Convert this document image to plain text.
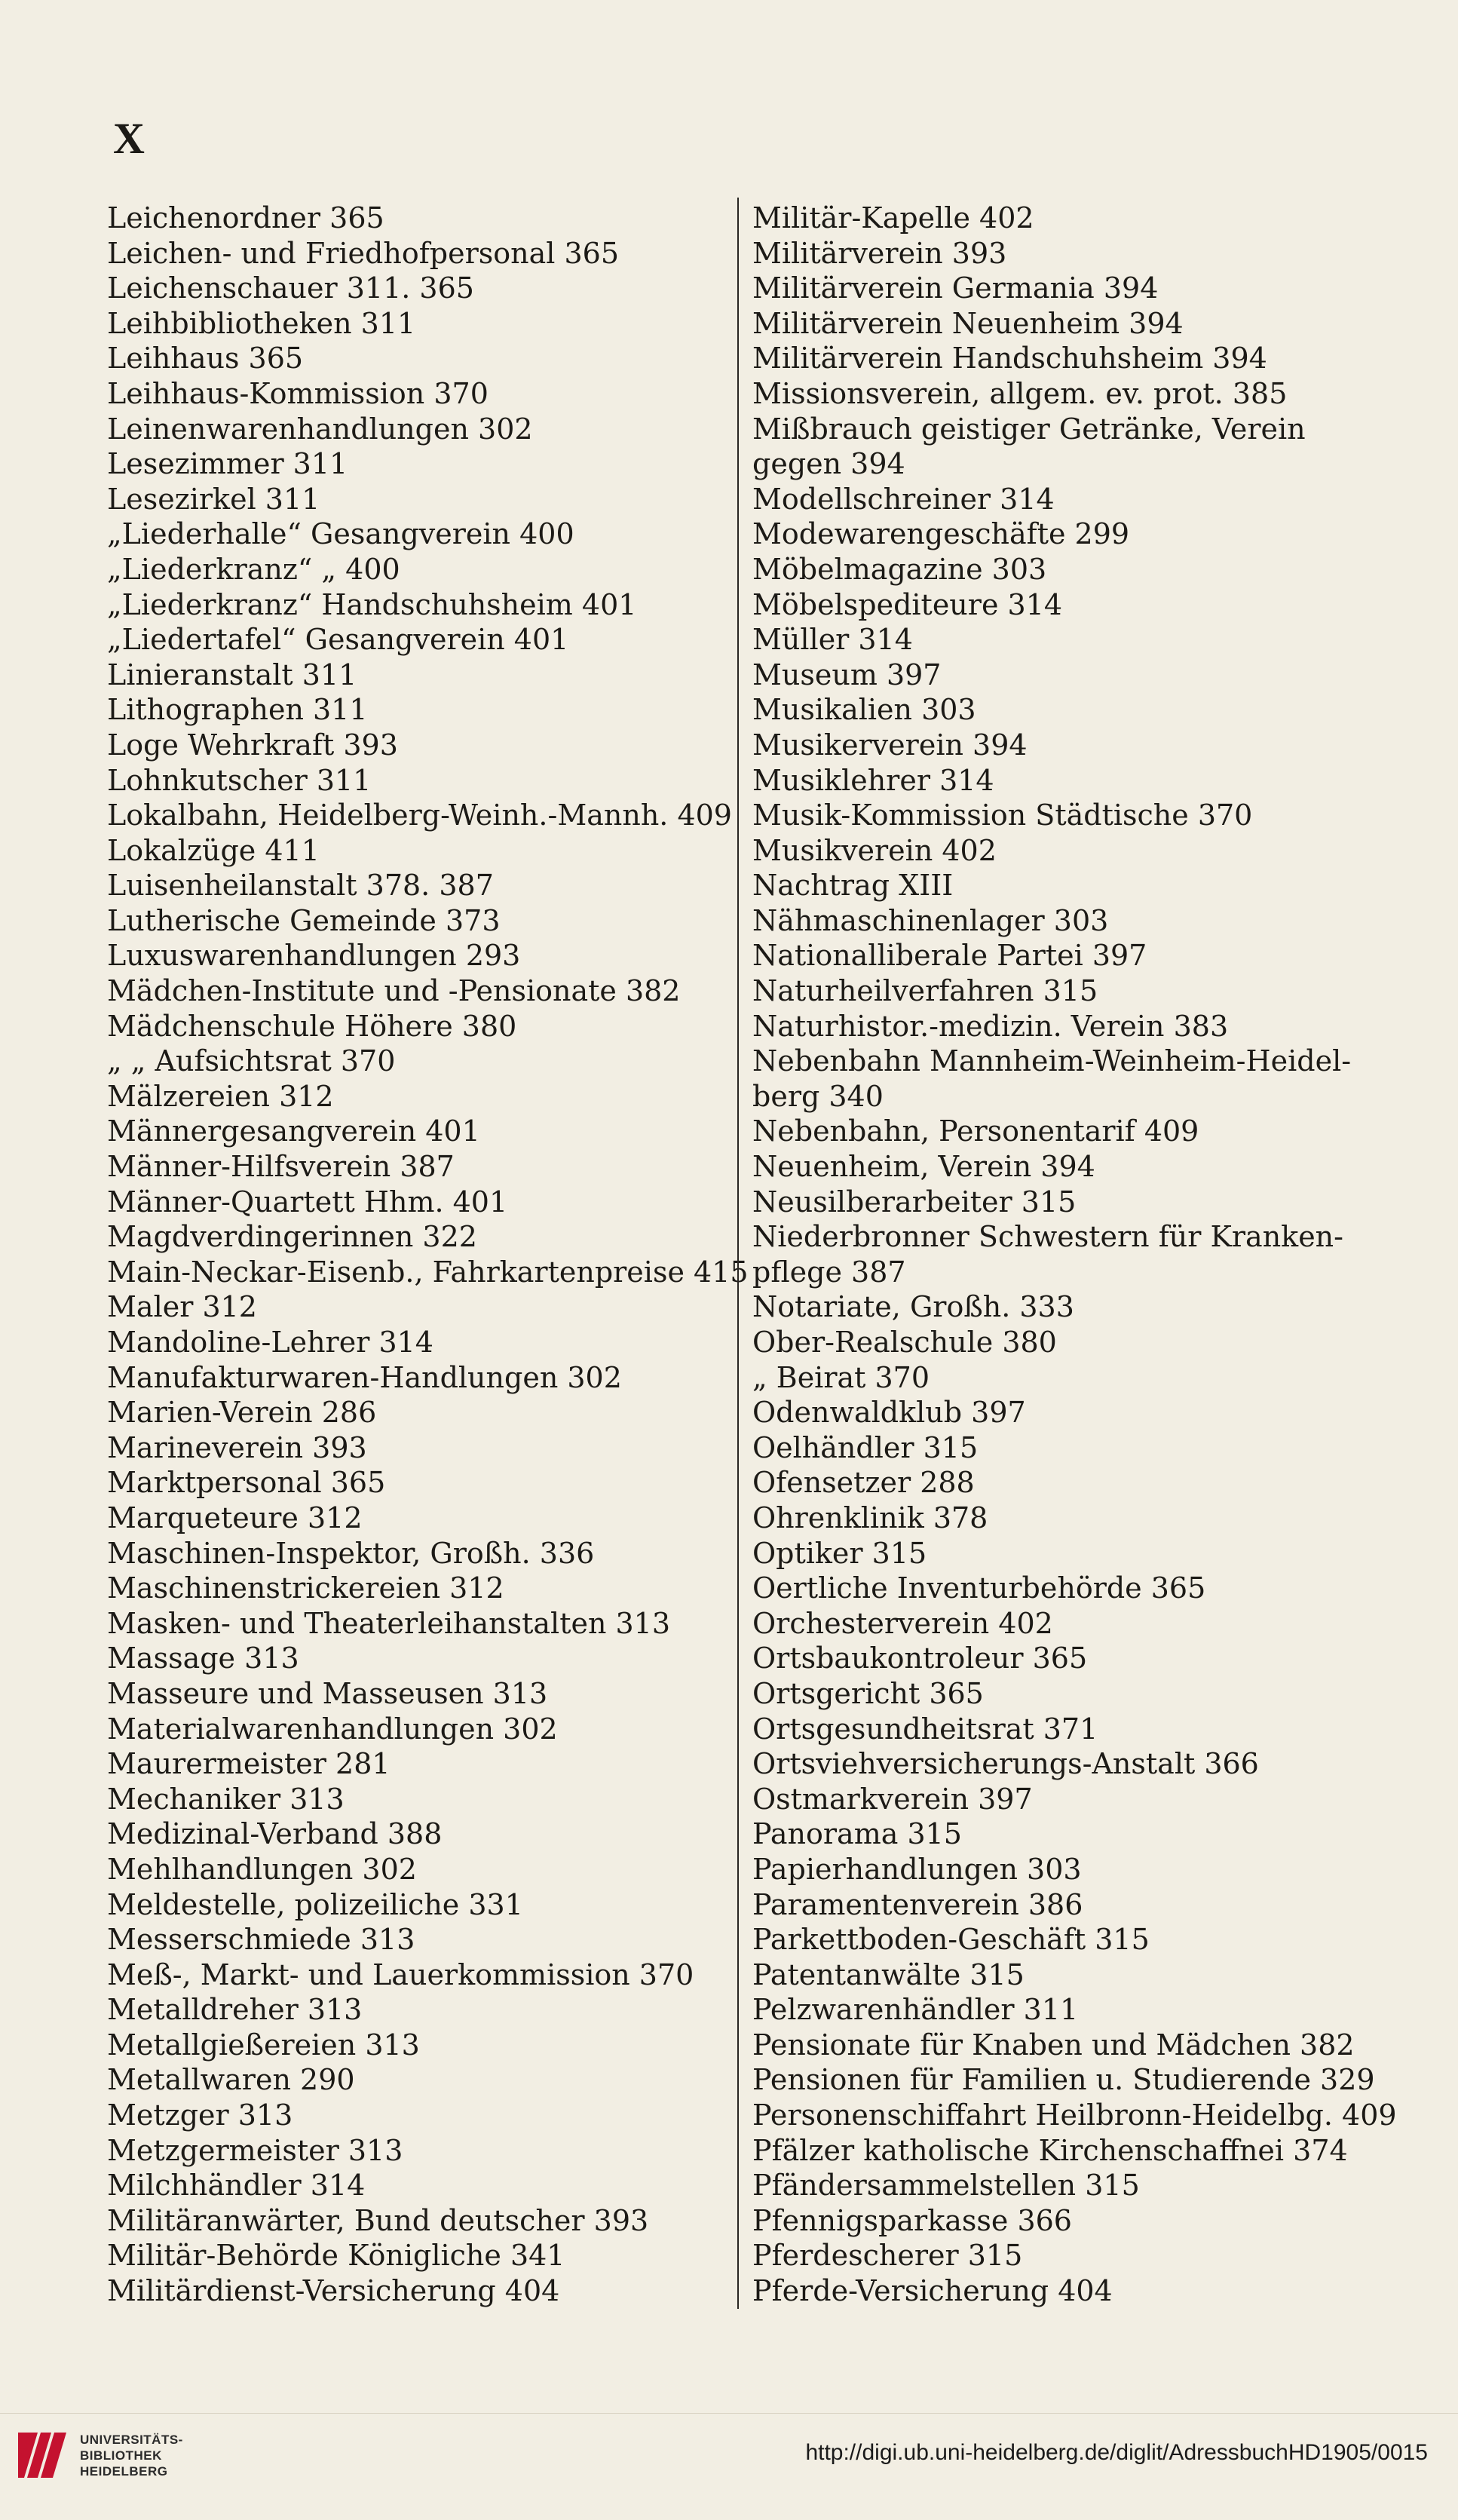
X
Leichenordner 365
Leichen- und Friedhofpersonal 365
Leichenschauer 311. 365
Leihbibliotheken 311
Leihhaus 365
Leihhaus-Kommission 370
Leinenwarenhandlungen 302
Lesezimmer 311
Lesezirkel 311
„Liederhalle“ Gesangverein 400
„Liederkranz“ „ 400
„Liederkranz“ Handschuhsheim 401
„Liedertafel“ Gesangverein 401
Linieranstalt 311
Lithographen 311
Loge Wehrkraft 393
Lohnkutscher 311
Lokalbahn, Heidelberg-Weinh.-Mannh. 409
Lokalzüge 411
Luisenheilanstalt 378. 387
Lutherische Gemeinde 373
Luxuswarenhandlungen 293
Mädchen-Institute und -Pensionate 382
Mädchenschule Höhere 380
„ „ Aufsichtsrat 370
Mälzereien 312
Männergesangverein 401
Männer-Hilfsverein 387
Männer-Quartett Hhm. 401
Magdverdingerinnen 322
Main-Neckar-Eisenb., Fahrkartenpreise 415
Maler 312
Mandoline-Lehrer 314
Manufakturwaren-Handlungen 302
Marien-Verein 286
Marineverein 393
Marktpersonal 365
Marqueteure 312
Maschinen-Inspektor, Großh. 336
Maschinenstrickereien 312
Masken- und Theaterleihanstalten 313
Massage 313
Masseure und Masseusen 313
Materialwarenhandlungen 302
Maurermeister 281
Mechaniker 313
Medizinal-Verband 388
Mehlhandlungen 302
Meldestelle, polizeiliche 331
Messerschmiede 313
Meß-, Markt- und Lauerkommission 370
Metalldreher 313
Metallgießereien 313
Metallwaren 290
Metzger 313
Metzgermeister 313
Milchhändler 314
Militäranwärter, Bund deutscher 393
Militär-Behörde Königliche 341
Militärdienst-Versicherung 404
Militär-Kapelle 402
Militärverein 393
Militärverein Germania 394
Militärverein Neuenheim 394
Militärverein Handschuhsheim 394
Missionsverein, allgem. ev. prot. 385
Mißbrauch geistiger Getränke, Verein
gegen 394
Modellschreiner 314
Modewarengeschäfte 299
Möbelmagazine 303
Möbelspediteure 314
Müller 314
Museum 397
Musikalien 303
Musikerverein 394
Musiklehrer 314
Musik-Kommission Städtische 370
Musikverein 402
Nachtrag XIII
Nähmaschinenlager 303
Nationalliberale Partei 397
Naturheilverfahren 315
Naturhistor.-medizin. Verein 383
Nebenbahn Mannheim-Weinheim-Heidel-
berg 340
Nebenbahn, Personentarif 409
Neuenheim, Verein 394
Neusilberarbeiter 315
Niederbronner Schwestern für Kranken-
pflege 387
Notariate, Großh. 333
Ober-Realschule 380
„ Beirat 370
Odenwaldklub 397
Oelhändler 315
Ofensetzer 288
Ohrenklinik 378
Optiker 315
Oertliche Inventurbehörde 365
Orchesterverein 402
Ortsbaukontroleur 365
Ortsgericht 365
Ortsgesundheitsrat 371
Ortsviehversicherungs-Anstalt 366
Ostmarkverein 397
Panorama 315
Papierhandlungen 303
Paramentenverein 386
Parkettboden-Geschäft 315
Patentanwälte 315
Pelzwarenhändler 311
Pensionate für Knaben und Mädchen 382
Pensionen für Familien u. Studierende 329
Personenschiffahrt Heilbronn-Heidelbg. 409
Pfälzer katholische Kirchenschaffnei 374
Pfändersammelstellen 315
Pfennigsparkasse 366
Pferdescherer 315
Pferde-Versicherung 404
UNIVERSITÄTS-
BIBLIOTHEK
HEIDELBERG
http://digi.ub.uni-heidelberg.de/diglit/AdressbuchHD1905/0015
